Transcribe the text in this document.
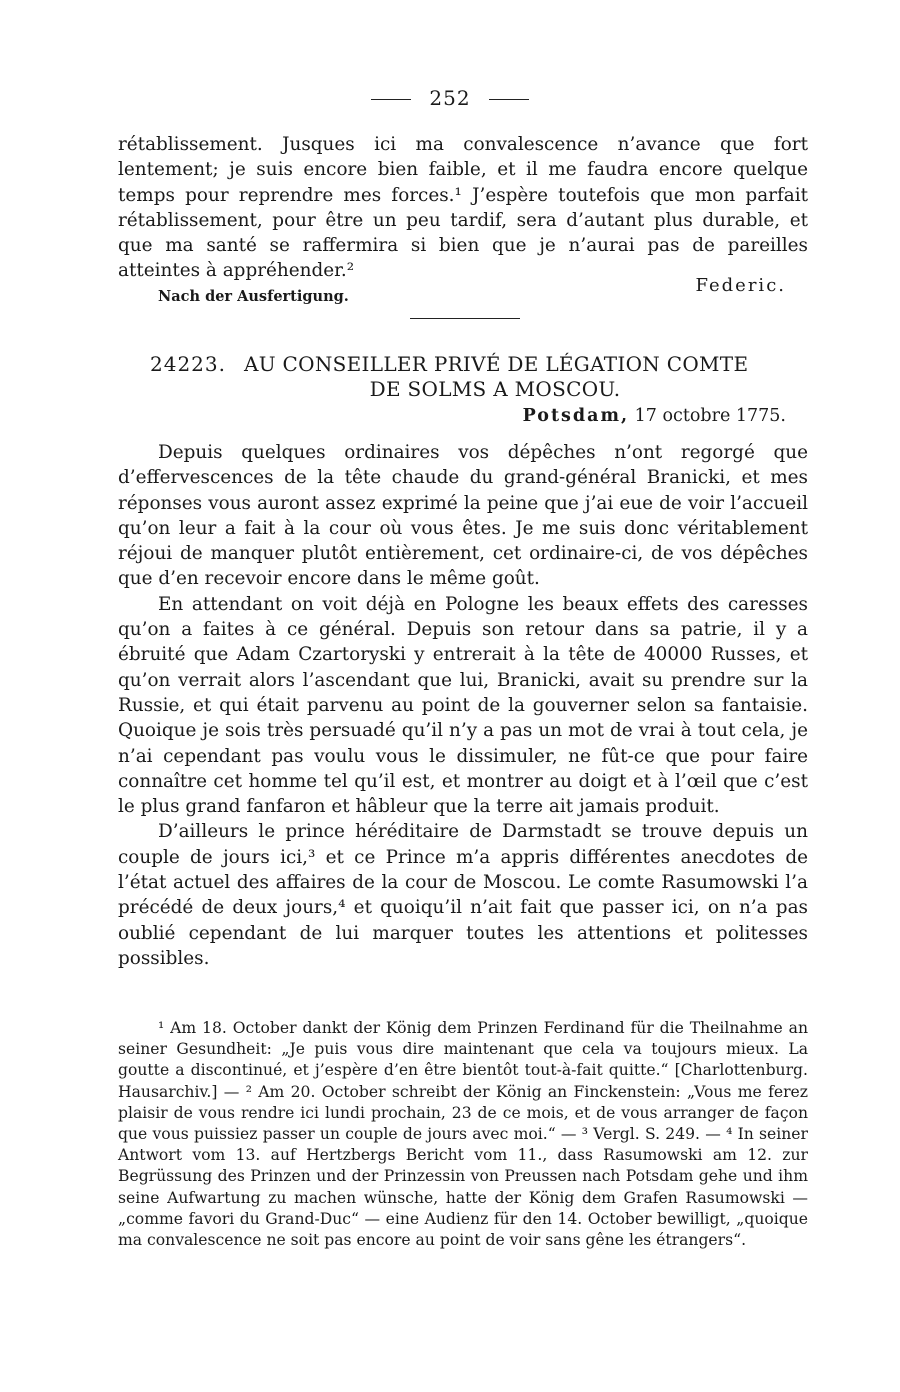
252

rétablissement. Jusques ici ma convalescence n’avance que fort lentement; je suis encore bien faible, et il me faudra encore quelque temps pour reprendre mes forces.¹ J’espère toutefois que mon parfait rétablissement, pour être un peu tardif, sera d’autant plus durable, et que ma santé se raffermira si bien que je n’aurai pas de pareilles atteintes à appréhender.²

Nach der Ausfertigung.
Federic.
24223. AU CONSEILLER PRIVÉ DE LÉGATION COMTE
DE SOLMS A MOSCOU.
Potsdam, 17 octobre 1775.

Depuis quelques ordinaires vos dépêches n’ont regorgé que d’effervescences de la tête chaude du grand-général Branicki, et mes réponses vous auront assez exprimé la peine que j’ai eue de voir l’accueil qu’on leur a fait à la cour où vous êtes. Je me suis donc véritablement réjoui de manquer plutôt entièrement, cet ordinaire-ci, de vos dépêches que d’en recevoir encore dans le même goût.

En attendant on voit déjà en Pologne les beaux effets des caresses qu’on a faites à ce général. Depuis son retour dans sa patrie, il y a ébruité que Adam Czartoryski y entrerait à la tête de 40000 Russes, et qu’on verrait alors l’ascendant que lui, Branicki, avait su prendre sur la Russie, et qui était parvenu au point de la gouverner selon sa fantaisie. Quoique je sois très persuadé qu’il n’y a pas un mot de vrai à tout cela, je n’ai cependant pas voulu vous le dissimuler, ne fût-ce que pour faire connaître cet homme tel qu’il est, et montrer au doigt et à l’œil que c’est le plus grand fanfaron et hâbleur que la terre ait jamais produit.

D’ailleurs le prince héréditaire de Darmstadt se trouve depuis un couple de jours ici,³ et ce Prince m’a appris différentes anecdotes de l’état actuel des affaires de la cour de Moscou. Le comte Rasumowski l’a précédé de deux jours,⁴ et quoiqu’il n’ait fait que passer ici, on n’a pas oublié cependant de lui marquer toutes les attentions et politesses possibles.

¹ Am 18. October dankt der König dem Prinzen Ferdinand für die Theilnahme an seiner Gesundheit: „Je puis vous dire maintenant que cela va toujours mieux. La goutte a discontinué, et j’espère d’en être bientôt tout-à-fait quitte.“ [Charlottenburg. Hausarchiv.] — ² Am 20. October schreibt der König an Finckenstein: „Vous me ferez plaisir de vous rendre ici lundi prochain, 23 de ce mois, et de vous arranger de façon que vous puissiez passer un couple de jours avec moi.“ — ³ Vergl. S. 249. — ⁴ In seiner Antwort vom 13. auf Hertzbergs Bericht vom 11., dass Rasumowski am 12. zur Begrüssung des Prinzen und der Prinzessin von Preussen nach Potsdam gehe und ihm seine Aufwartung zu machen wünsche, hatte der König dem Grafen Rasumowski — „comme favori du Grand-Duc“ — eine Audienz für den 14. October bewilligt, „quoique ma convalescence ne soit pas encore au point de voir sans gêne les étrangers“.
